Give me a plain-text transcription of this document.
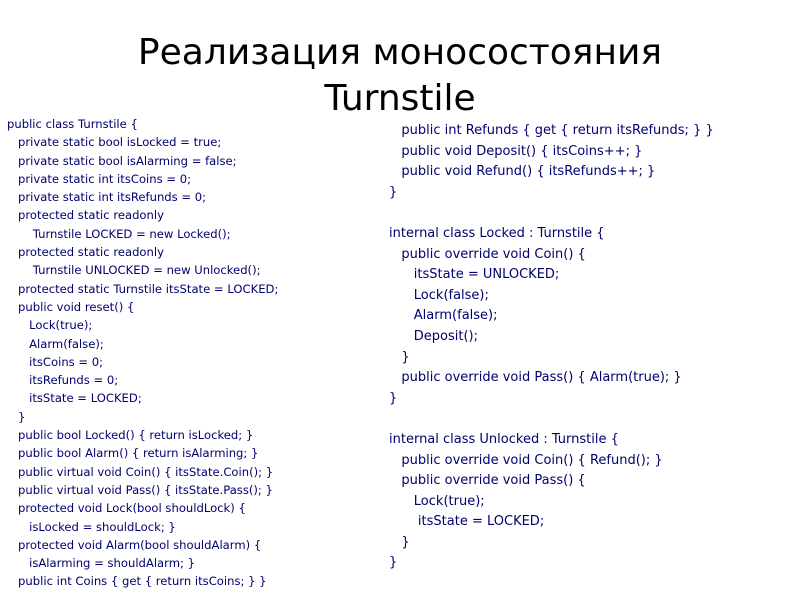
Реализация моносостояния
Turnstile
public class Turnstile {
private static bool isLocked = true;
private static bool isAlarming = false;
private static int itsCoins = 0;
private static int itsRefunds = 0;
protected static readonly
Turnstile LOCKED = new Locked();
protected static readonly
Turnstile UNLOCKED = new Unlocked();
protected static Turnstile itsState = LOCKED;
public void reset() {
Lock(true);
Alarm(false);
itsCoins = 0;
itsRefunds = 0;
itsState = LOCKED;
}
public bool Locked() { return isLocked; }
public bool Alarm() { return isAlarming; }
public virtual void Coin() { itsState.Coin(); }
public virtual void Pass() { itsState.Pass(); }
protected void Lock(bool shouldLock) {
isLocked = shouldLock; }
protected void Alarm(bool shouldAlarm) {
isAlarming = shouldAlarm; }
public int Coins { get { return itsCoins; } }
public int Refunds { get { return itsRefunds; } }
public void Deposit() { itsCoins++; }
public void Refund() { itsRefunds++; }
}

internal class Locked : Turnstile {
public override void Coin() {
itsState = UNLOCKED;
Lock(false);
Alarm(false);
Deposit();
}
public override void Pass() { Alarm(true); }
}

internal class Unlocked : Turnstile {
public override void Coin() { Refund(); }
public override void Pass() {
Lock(true);
itsState = LOCKED;
}
}
